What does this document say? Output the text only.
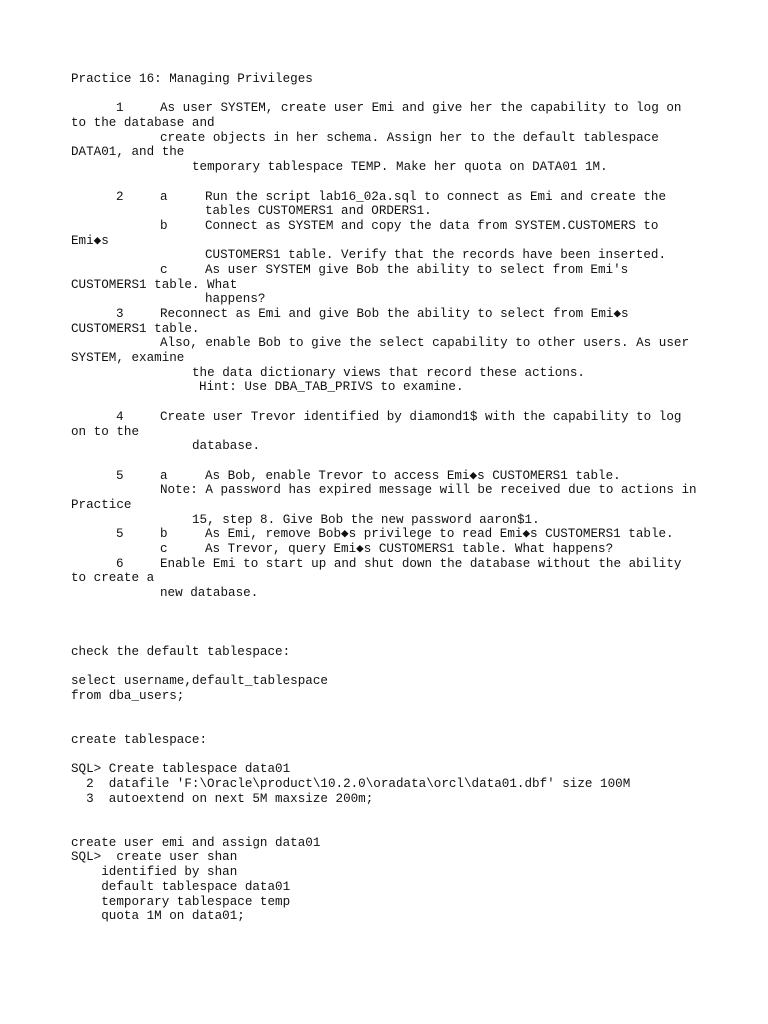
Practice 16: Managing Privileges
1	As user SYSTEM, create user Emi and give her the capability to log on
to the database and
create objects in her schema. Assign her to the default tablespace
DATA01, and the
temporary tablespace TEMP. Make her quota on DATA01 1M.
2	a	Run the script lab16_02a.sql to connect as Emi and create the
tables CUSTOMERS1 and ORDERS1.
b	Connect as SYSTEM and copy the data from SYSTEM.CUSTOMERS to
Emi◆s
CUSTOMERS1 table. Verify that the records have been inserted.
c	As user SYSTEM give Bob the ability to select from Emi's
CUSTOMERS1 table. What
happens?
3	Reconnect as Emi and give Bob the ability to select from Emi◆s
CUSTOMERS1 table.
Also, enable Bob to give the select capability to other users. As user
SYSTEM, examine
the data dictionary views that record these actions.
Hint: Use DBA_TAB_PRIVS to examine.
4	Create user Trevor identified by diamond1$ with the capability to log
on to the
database.
5	a	As Bob, enable Trevor to access Emi◆s CUSTOMERS1 table.
Note: A password has expired message will be received due to actions in
Practice
15, step 8. Give Bob the new password aaron$1.
5	b	As Emi, remove Bob◆s privilege to read Emi◆s CUSTOMERS1 table.
c	As Trevor, query Emi◆s CUSTOMERS1 table. What happens?
6	Enable Emi to start up and shut down the database without the ability
to create a
new database.
check the default tablespace:
select username,default_tablespace
from dba_users;
create tablespace:
SQL> Create tablespace data01
2  datafile 'F:\Oracle\product\10.2.0\oradata\orcl\data01.dbf' size 100M
3  autoextend on next 5M maxsize 200m;
create user emi and assign data01
SQL>  create user shan
identified by shan
default tablespace data01
temporary tablespace temp
quota 1M on data01;
